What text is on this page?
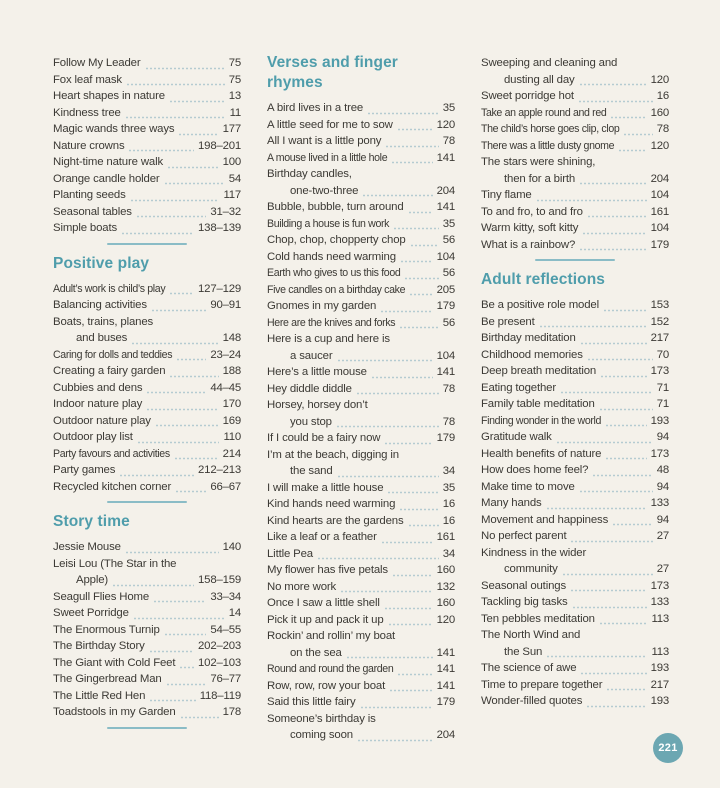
Follow My Leader	75
Fox leaf mask	75
Heart shapes in nature	13
Kindness tree	11
Magic wands three ways	177
Nature crowns	198–201
Night-time nature walk	100
Orange candle holder	54
Planting seeds	117
Seasonal tables	31–32
Simple boats	138–139
Positive play
Adult’s work is child’s play	127–129
Balancing activities	90–91
Boats, trains, planes
and buses	148
Caring for dolls and teddies	23–24
Creating a fairy garden	188
Cubbies and dens	44–45
Indoor nature play	170
Outdoor nature play	169
Outdoor play list	110
Party favours and activities	214
Party games	212–213
Recycled kitchen corner	66–67
Story time
Jessie Mouse	140
Leisi Lou (The Star in the
Apple)	158–159
Seagull Flies Home	33–34
Sweet Porridge	14
The Enormous Turnip	54–55
The Birthday Story	202–203
The Giant with Cold Feet 102–103
The Gingerbread Man	76–77
The Little Red Hen	118–119
Toadstools in my Garden	178
Verses and finger rhymes
A bird lives in a tree	35
A little seed for me to sow	120
All I want is a little pony	78
A mouse lived in a little hole	141
Birthday candles,
one-two-three	204
Bubble, bubble, turn around	141
Building a house is fun work	35
Chop, chop, chopperty chop	56
Cold hands need warming	104
Earth who gives to us this food	56
Five candles on a birthday cake	205
Gnomes in my garden	179
Here are the knives and forks	56
Here is a cup and here is
a saucer	104
Here’s a little mouse	141
Hey diddle diddle	78
Horsey, horsey don’t
you stop	78
If I could be a fairy now	179
I’m at the beach, digging in
the sand	34
I will make a little house	35
Kind hands need warming	16
Kind hearts are the gardens	16
Like a leaf or a feather	161
Little Pea	34
My flower has five petals	160
No more work	132
Once I saw a little shell	160
Pick it up and pack it up	120
Rockin’ and rollin’ my boat
on the sea	141
Round and round the garden	141
Row, row, row your boat	141
Said this little fairy	179
Someone’s birthday is
coming soon	204
Sweeping and cleaning and
dusting all day	120
Sweet porridge hot	16
Take an apple round and red	160
The child’s horse goes clip, clop	78
There was a little dusty gnome	120
The stars were shining,
then for a birth	204
Tiny flame	104
To and fro, to and fro	161
Warm kitty, soft kitty	104
What is a rainbow?	179
Adult reflections
Be a positive role model	153
Be present	152
Birthday meditation	217
Childhood memories	70
Deep breath meditation	173
Eating together	71
Family table meditation	71
Finding wonder in the world	193
Gratitude walk	94
Health benefits of nature	173
How does home feel?	48
Make time to move	94
Many hands	133
Movement and happiness	94
No perfect parent	27
Kindness in the wider
community	27
Seasonal outings	173
Tackling big tasks	133
Ten pebbles meditation	113
The North Wind and
the Sun	113
The science of awe	193
Time to prepare together	217
Wonder-filled quotes	193
221
